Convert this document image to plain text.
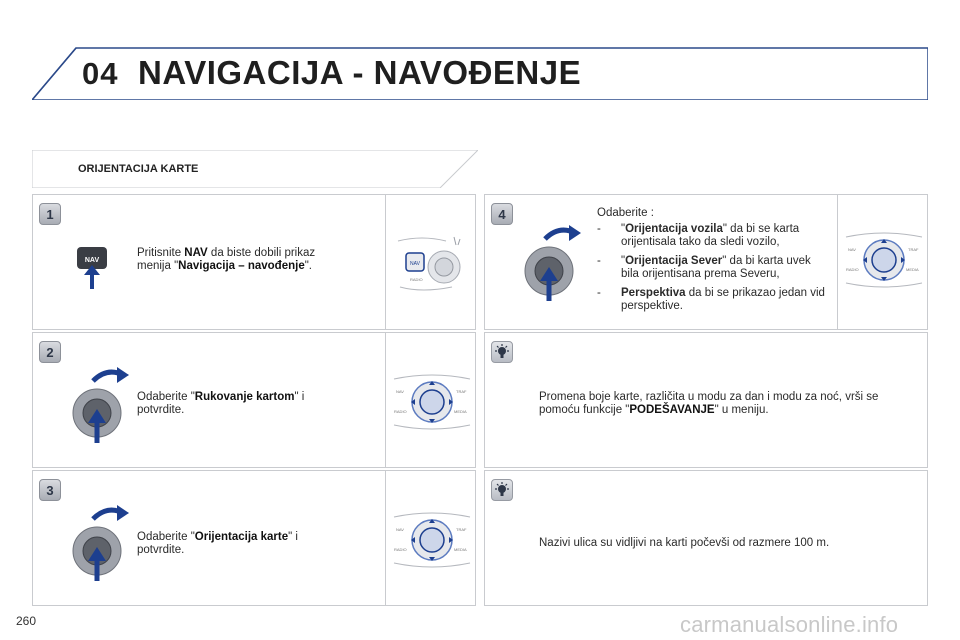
04 NAVIGACIJA - NAVOĐENJE
ORIJENTACIJA KARTE
1
NAV
Pritisnite NAV da biste dobili prikaz menija "Navigacija – navođenje".	NAV
RADIO
2
Odaberite "Rukovanje kartom" i potvrdite.
NAV	TRAF
RADIO	MEDIA
3
Odaberite "Orijentacija karte" i potvrdite.
NAV	TRAF
RADIO	MEDIA
4	Odaberite :
- "Orijentacija vozila" da bi se karta orijentisala tako da sledi vozilo,
- "Orijentacija Sever" da bi karta uvek bila orijentisana prema Severu,
- Perspektiva da bi se prikazao jedan vid perspektive.
NAV	TRAF
RADIO	MEDIA
Promena boje karte, različita u modu za dan i modu za noć, vrši se pomoću funkcije "PODEŠAVANJE" u meniju.
Nazivi ulica su vidljivi na karti počevši od razmere 100 m.
260	carmanualsonline.info
